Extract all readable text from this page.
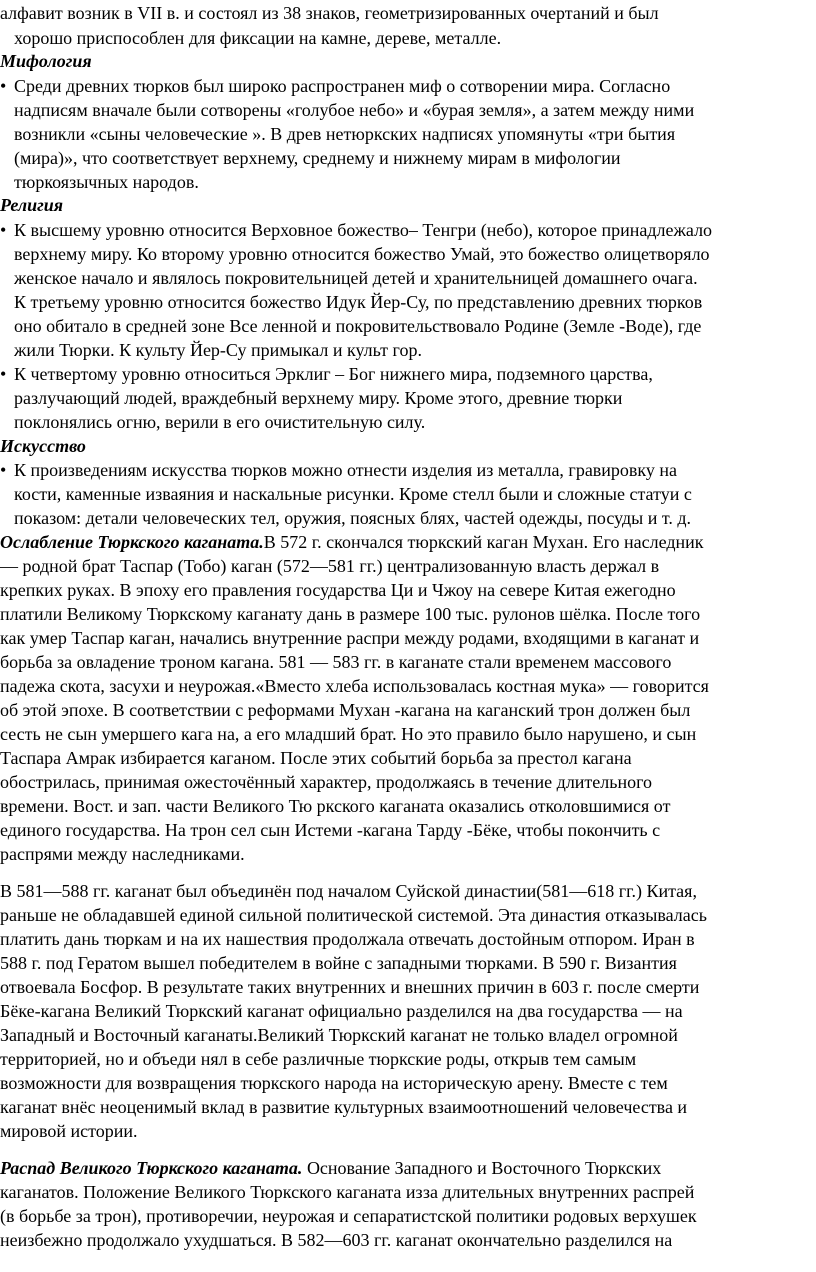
алфавит возник в VII в. и состоял из 38 знаков, геометризированных очертаний и был
хорошо приспособлен для фиксации на камне, дереве, металле.
Мифология
• Среди древних тюрков был широко распространен миф о сотворении мира. Согласно
надписям вначале были сотворены «голубое небо» и «бурая земля», а затем между ними
возникли «сыны человеческие ». В древ нетюркских надписях упомянуты «три бытия
(мира)», что соответствует верхнему, среднему и нижнему мирам в мифологии
тюркоязычных народов.
Религия
• К высшему уровню относится Верховное божество– Тенгри (небо), которое принадлежало
верхнему миру. Ко второму уровню относится божество Умай, это божество олицетворяло
женское начало и являлось покровительницей детей и хранительницей домашнего очага.
К третьему уровню относится божество Идук Йер-Су, по представлению древних тюрков
оно обитало в средней зоне Все ленной и покровительствовало Родине (Земле -Воде), где
жили Тюрки. К культу Йер-Су примыкал и культ гор.
• К четвертому уровню относиться Эрклиг – Бог нижнего мира, подземного царства,
разлучающий людей, враждебный верхнему миру. Кроме этого, древние тюрки
поклонялись огню, верили в его очистительную силу.
Искусство
• К произведениям искусства тюрков можно отнести изделия из металла, гравировку на
кости, каменные изваяния и наскальные рисунки. Кроме стелл были и сложные статуи с
показом: детали человеческих тел, оружия, поясных блях, частей одежды, посуды и т. д.
Ослабление Тюркского каганата.В 572 г. скончался тюркский каган Мухан. Его наследник
— родной брат Таспар (Тобо) каган (572—581 гг.) централизованную власть держал в
крепких руках. В эпоху его правления государства Ци и Чжоу на севере Китая ежегодно
платили Великому Тюркскому каганату дань в размере 100 тыс. рулонов шёлка. После того
как умер Таспар каган, начались внутренние распри между родами, входящими в каганат и
борьба за овладение троном кагана. 581 — 583 гг. в каганате стали временем массового
падежа скота, засухи и неурожая.«Вместо хлеба использовалась костная мука» — говорится
об этой эпохе. В соответствии с реформами Мухан -кагана на каганский трон должен был
сесть не сын умершего кага на, а его младший брат. Но это правило было нарушено, и сын
Таспара Амрак избирается каганом. После этих событий борьба за престол кагана
обострилась, принимая ожесточённый характер, продолжаясь в течение длительного
времени. Вост. и зап. части Великого Тю ркского каганата оказались отколовшимися от
единого государства. На трон сел сын Истеми -кагана Тарду -Бёке, чтобы покончить с
распрями между наследниками.
В 581—588 гг. каганат был объединён под началом Суйской династии(581—618 гг.) Китая,
раньше не обладавшей единой сильной политической системой. Эта династия отказывалась
платить дань тюркам и на их нашествия продолжала отвечать достойным отпором. Иран в
588 г. под Гератом вышел победителем в войне с западными тюрками. В 590 г. Византия
отвоевала Босфор. В результате таких внутренних и внешних причин в 603 г. после смерти
Бёке-кагана Великий Тюркский каганат официально разделился на два государства — на
Западный и Восточный каганаты.Великий Тюркский каганат не только владел огромной
территорией, но и объеди нял в себе различные тюркские роды, открыв тем самым
возможности для возвращения тюркского народа на историческую арену. Вместе с тем
каганат внёс неоценимый вклад в развитие культурных взаимоотношений человечества и
мировой истории.
Распад Великого Тюркского каганата. Основание Западного и Восточного Тюркских
каганатов. Положение Великого Тюркского каганата изза длительных внутренних распрей
(в борьбе за трон), противоречии, неурожая и сепаратистской политики родовых верхушек
неизбежно продолжало ухудшаться. В 582—603 гг. каганат окончательно разделился на
